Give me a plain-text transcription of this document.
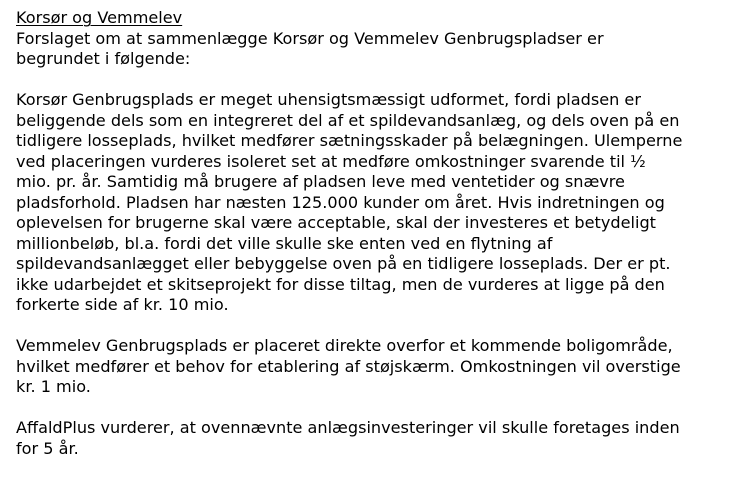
Korsør og Vemmelev

Forslaget om at sammenlægge Korsør og Vemmelev Genbrugspladser er

begrundet i følgende:

Korsør Genbrugsplads er meget uhensigtsmæssigt udformet, fordi pladsen er

beliggende dels som en integreret del af et spildevandsanlæg, og dels oven på en

tidligere losseplads, hvilket medfører sætningsskader på belægningen. Ulemperne

ved placeringen vurderes isoleret set at medføre omkostninger svarende til ½

mio. pr. år. Samtidig må brugere af pladsen leve med ventetider og snævre

pladsforhold. Pladsen har næsten 125.000 kunder om året. Hvis indretningen og

oplevelsen for brugerne skal være acceptable, skal der investeres et betydeligt

millionbeløb, bl.a. fordi det ville skulle ske enten ved en flytning af

spildevandsanlægget eller bebyggelse oven på en tidligere losseplads. Der er pt.

ikke udarbejdet et skitseprojekt for disse tiltag, men de vurderes at ligge på den

forkerte side af kr. 10 mio.

Vemmelev Genbrugsplads er placeret direkte overfor et kommende boligområde,

hvilket medfører et behov for etablering af støjskærm. Omkostningen vil overstige

kr. 1 mio.

AffaldPlus vurderer, at ovennævnte anlægsinvesteringer vil skulle foretages inden

for 5 år.
